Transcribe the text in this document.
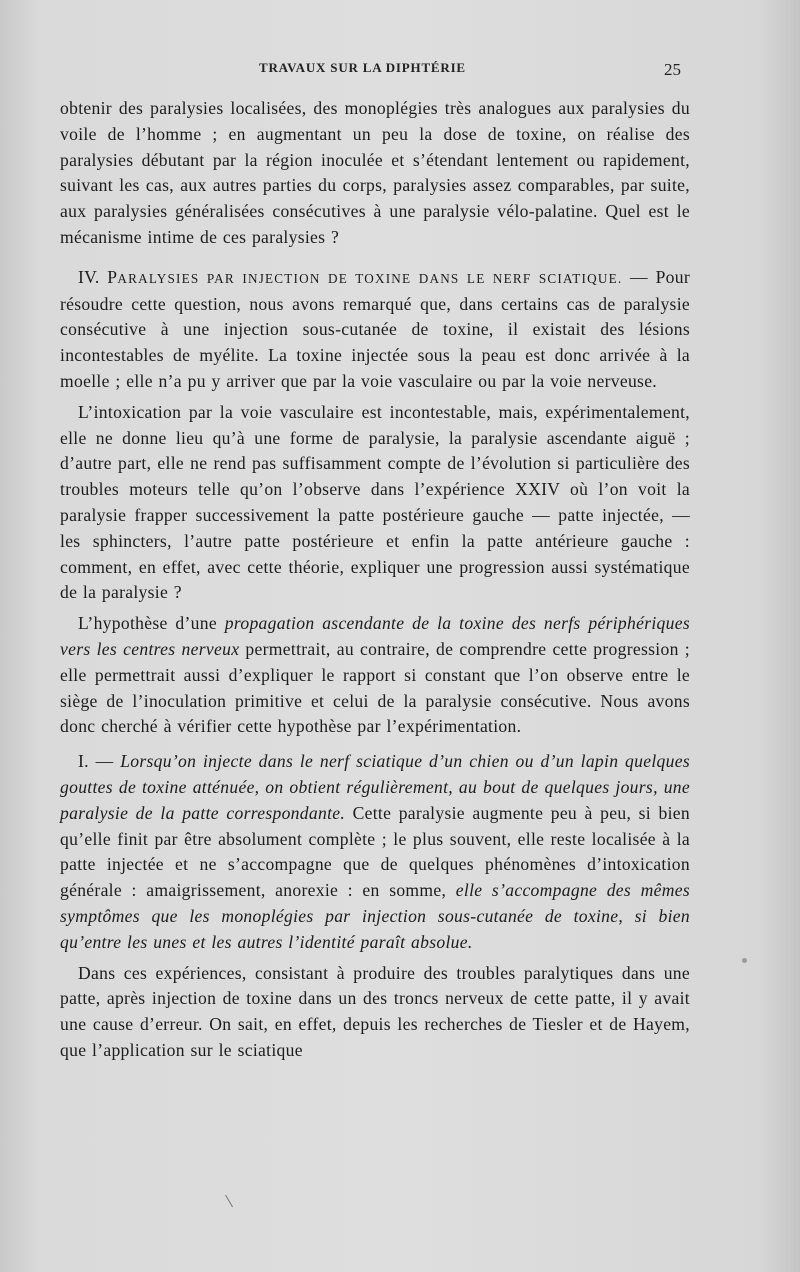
TRAVAUX SUR LA DIPHTÉRIE	25

obtenir des paralysies localisées, des monoplégies très analogues aux paralysies du voile de l’homme ; en augmentant un peu la dose de toxine, on réalise des paralysies débutant par la région inoculée et s’étendant lentement ou rapidement, suivant les cas, aux autres parties du corps, paralysies assez comparables, par suite, aux paralysies généralisées consécutives à une paralysie vélo-palatine. Quel est le mécanisme intime de ces paralysies ?

IV. PARALYSIES PAR INJECTION DE TOXINE DANS LE NERF SCIATIQUE. — Pour résoudre cette question, nous avons remarqué que, dans certains cas de paralysie consécutive à une injection sous-cutanée de toxine, il existait des lésions incontestables de myélite. La toxine injectée sous la peau est donc arrivée à la moelle ; elle n’a pu y arriver que par la voie vasculaire ou par la voie nerveuse.

L’intoxication par la voie vasculaire est incontestable, mais, expérimentalement, elle ne donne lieu qu’à une forme de paralysie, la paralysie ascendante aiguë ; d’autre part, elle ne rend pas suffisamment compte de l’évolution si particulière des troubles moteurs telle qu’on l’observe dans l’expérience XXIV où l’on voit la paralysie frapper successivement la patte postérieure gauche — patte injectée, — les sphincters, l’autre patte postérieure et enfin la patte antérieure gauche : comment, en effet, avec cette théorie, expliquer une progression aussi systématique de la paralysie ?

L’hypothèse d’une propagation ascendante de la toxine des nerfs périphériques vers les centres nerveux permettrait, au contraire, de comprendre cette progression ; elle permettrait aussi d’expliquer le rapport si constant que l’on observe entre le siège de l’inoculation primitive et celui de la paralysie consécutive. Nous avons donc cherché à vérifier cette hypothèse par l’expérimentation.

I. — Lorsqu’on injecte dans le nerf sciatique d’un chien ou d’un lapin quelques gouttes de toxine atténuée, on obtient régulièrement, au bout de quelques jours, une paralysie de la patte correspondante. Cette paralysie augmente peu à peu, si bien qu’elle finit par être absolument complète ; le plus souvent, elle reste localisée à la patte injectée et ne s’accompagne que de quelques phénomènes d’intoxication générale : amaigrissement, anorexie : en somme, elle s’accompagne des mêmes symptômes que les monoplégies par injection sous-cutanée de toxine, si bien qu’entre les unes et les autres l’identité paraît absolue.

Dans ces expériences, consistant à produire des troubles paralytiques dans une patte, après injection de toxine dans un des troncs nerveux de cette patte, il y avait une cause d’erreur. On sait, en effet, depuis les recherches de Tiesler et de Hayem, que l’application sur le sciatique
